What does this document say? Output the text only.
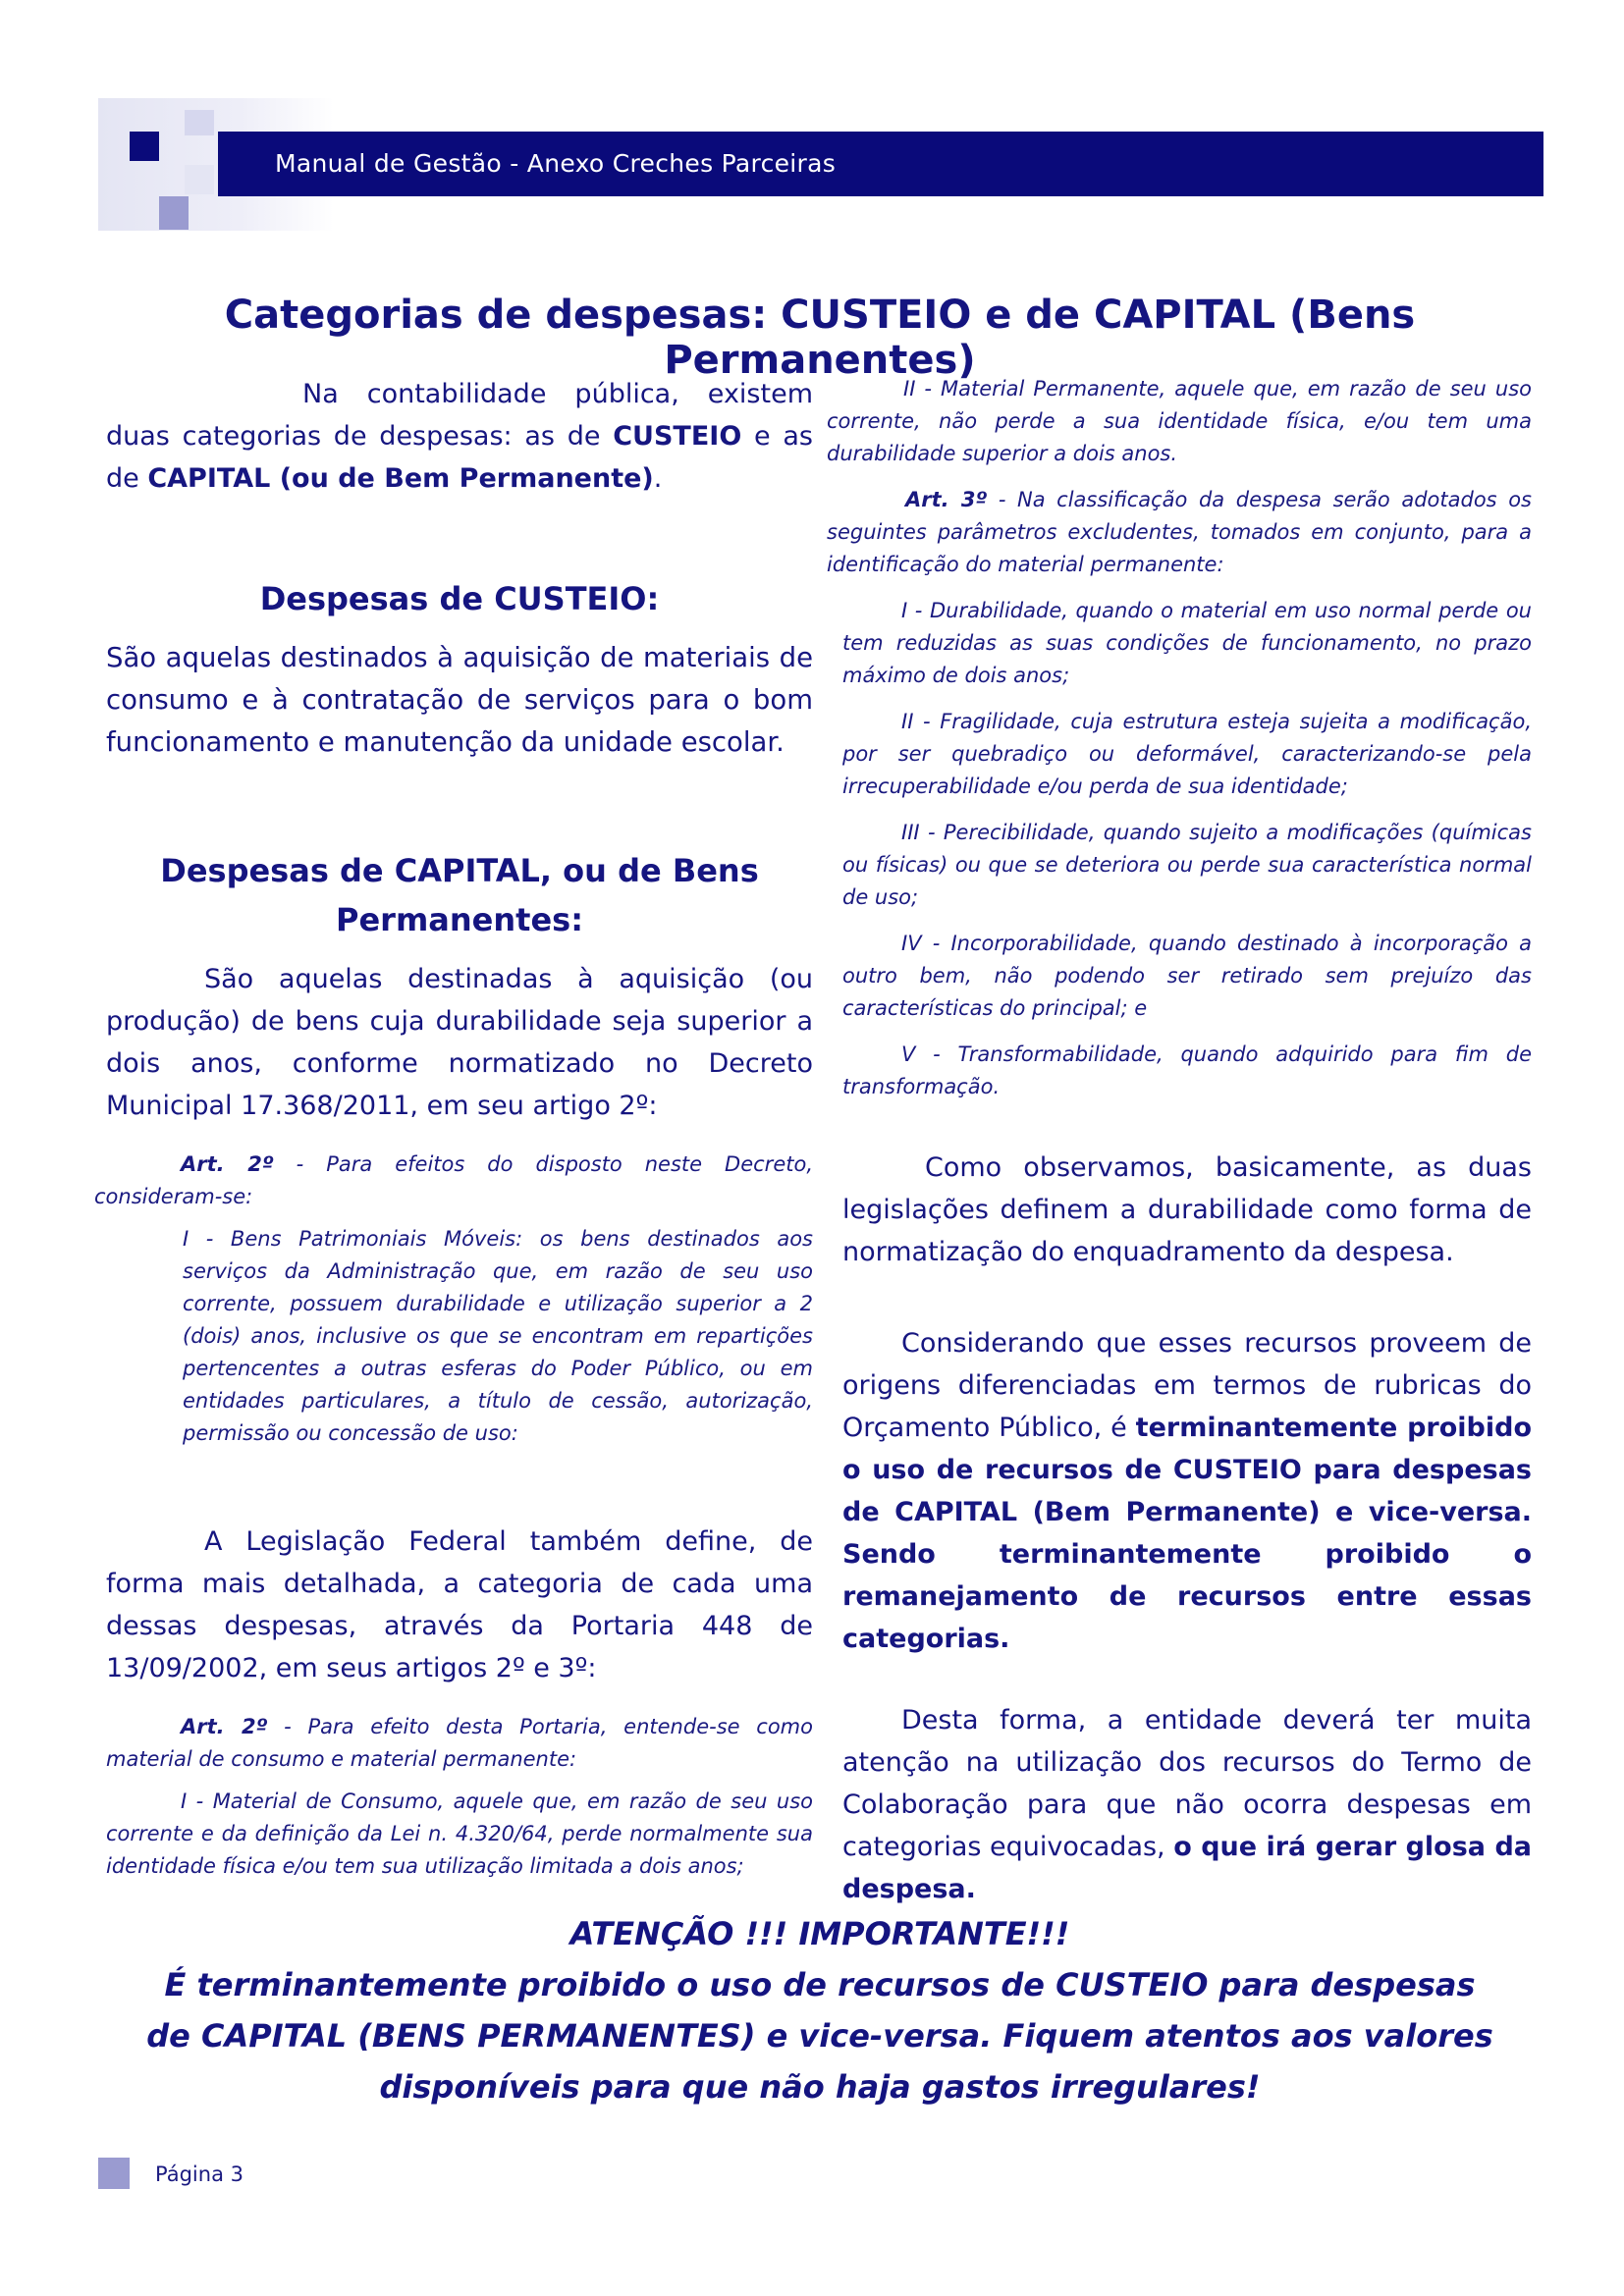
Manual de Gestão - Anexo Creches Parceiras
Categorias de despesas: CUSTEIO e de CAPITAL (Bens Permanentes)

Na contabilidade pública, existem duas categorias de despesas: as de CUSTEIO e as de CAPITAL (ou de Bem Permanente).

Despesas de CUSTEIO:

São aquelas destinados à aquisição de materiais de consumo e à contratação de serviços para o bom funcionamento e manutenção da unidade escolar.

Despesas de CAPITAL, ou de Bens Permanentes:

São aquelas destinadas à aquisição (ou produção) de bens cuja durabilidade seja superior a dois anos, conforme normatizado no Decreto Municipal 17.368/2011, em seu artigo 2º:

Art. 2º - Para efeitos do disposto neste Decreto, consideram-se:

I - Bens Patrimoniais Móveis: os bens destinados aos serviços da Administração que, em razão de seu uso corrente, possuem durabilidade e utilização superior a 2 (dois) anos, inclusive os que se encontram em repartições pertencentes a outras esferas do Poder Público, ou em entidades particulares, a título de cessão, autorização, permissão ou concessão de uso:

A Legislação Federal também define, de forma mais detalhada, a categoria de cada uma dessas despesas, através da Portaria 448 de 13/09/2002, em seus artigos 2º e 3º:

Art. 2º - Para efeito desta Portaria, entende-se como material de consumo e material permanente:

I - Material de Consumo, aquele que, em razão de seu uso corrente e da definição da Lei n. 4.320/64, perde normalmente sua identidade física e/ou tem sua utilização limitada a dois anos;

II - Material Permanente, aquele que, em razão de seu uso corrente, não perde a sua identidade física, e/ou tem uma durabilidade superior a dois anos.

Art. 3º - Na classificação da despesa serão adotados os seguintes parâmetros excludentes, tomados em conjunto, para a identificação do material permanente:

I - Durabilidade, quando o material em uso normal perde ou tem reduzidas as suas condições de funcionamento, no prazo máximo de dois anos;

II - Fragilidade, cuja estrutura esteja sujeita a modificação, por ser quebradiço ou deformável, caracterizando-se pela irrecuperabilidade e/ou perda de sua identidade;

III - Perecibilidade, quando sujeito a modificações (químicas ou físicas) ou que se deteriora ou perde sua característica normal de uso;

IV - Incorporabilidade, quando destinado à incorporação a outro bem, não podendo ser retirado sem prejuízo das características do principal; e

V - Transformabilidade, quando adquirido para fim de transformação.

Como observamos, basicamente, as duas legislações definem a durabilidade como forma de normatização do enquadramento da despesa.

Considerando que esses recursos proveem de origens diferenciadas em termos de rubricas do Orçamento Público, é terminantemente proibido o uso de recursos de CUSTEIO para despesas de CAPITAL (Bem Permanente) e vice-versa. Sendo terminantemente proibido o remanejamento de recursos entre essas categorias.

Desta forma, a entidade deverá ter muita atenção na utilização dos recursos do Termo de Colaboração para que não ocorra despesas em categorias equivocadas, o que irá gerar glosa da despesa.

ATENÇÃO !!! IMPORTANTE!!!
É terminantemente proibido o uso de recursos de CUSTEIO para despesas
de CAPITAL (BENS PERMANENTES) e vice-versa. Fiquem atentos aos valores
disponíveis para que não haja gastos irregulares!
Página 3
